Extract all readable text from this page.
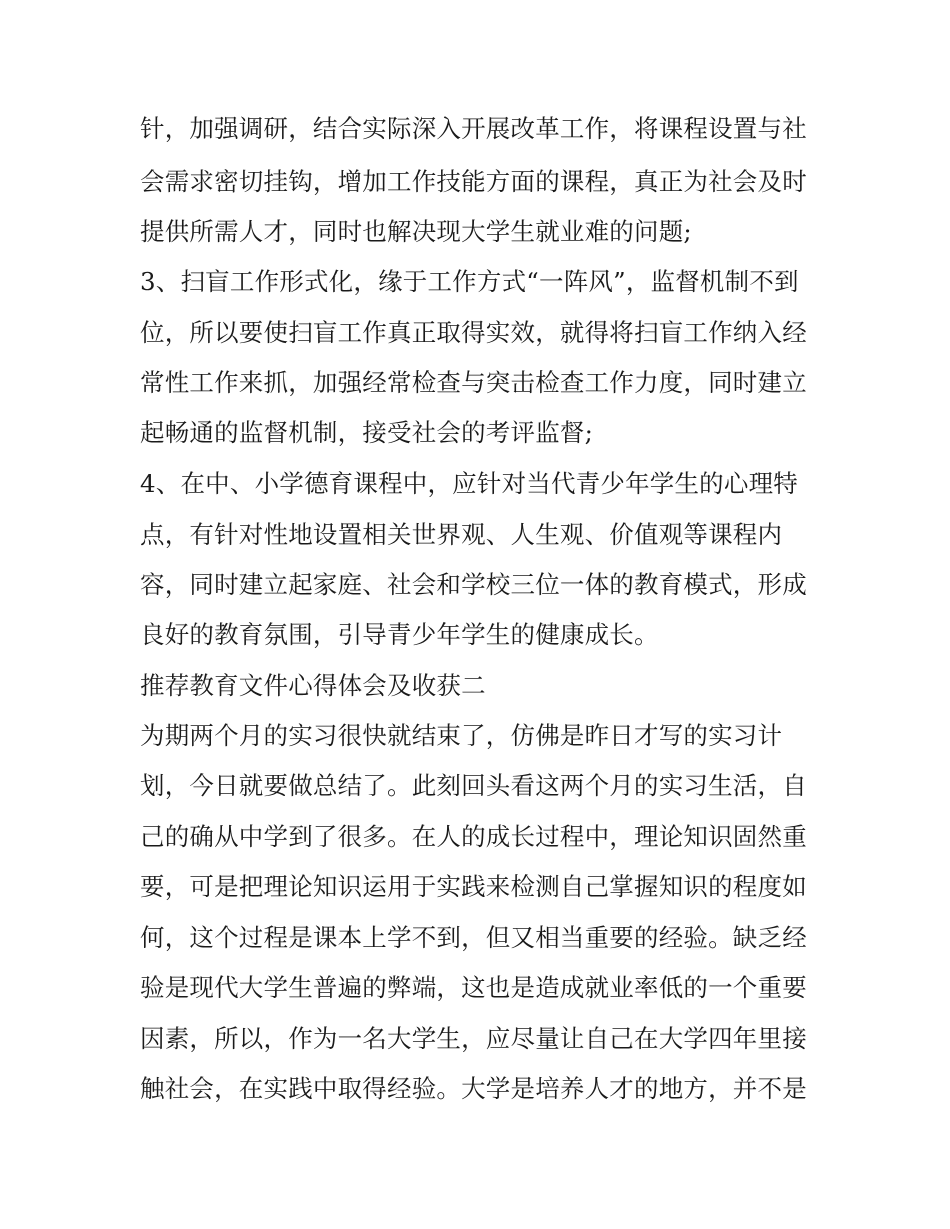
针，加强调研，结合实际深入开展改革工作，将课程设置与社
会需求密切挂钩，增加工作技能方面的课程，真正为社会及时
提供所需人才，同时也解决现大学生就业难的问题;
3、扫盲工作形式化，缘于工作方式“一阵风”，监督机制不到
位，所以要使扫盲工作真正取得实效，就得将扫盲工作纳入经
常性工作来抓，加强经常检查与突击检查工作力度，同时建立
起畅通的监督机制，接受社会的考评监督;
4、在中、小学德育课程中，应针对当代青少年学生的心理特
点，有针对性地设置相关世界观、人生观、价值观等课程内
容，同时建立起家庭、社会和学校三位一体的教育模式，形成
良好的教育氛围，引导青少年学生的健康成长。
推荐教育文件心得体会及收获二
为期两个月的实习很快就结束了，仿佛是昨日才写的实习计
划，今日就要做总结了。此刻回头看这两个月的实习生活，自
己的确从中学到了很多。在人的成长过程中，理论知识固然重
要，可是把理论知识运用于实践来检测自己掌握知识的程度如
何，这个过程是课本上学不到，但又相当重要的经验。缺乏经
验是现代大学生普遍的弊端，这也是造成就业率低的一个重要
因素，所以，作为一名大学生，应尽量让自己在大学四年里接
触社会，在实践中取得经验。大学是培养人才的地方，并不是
